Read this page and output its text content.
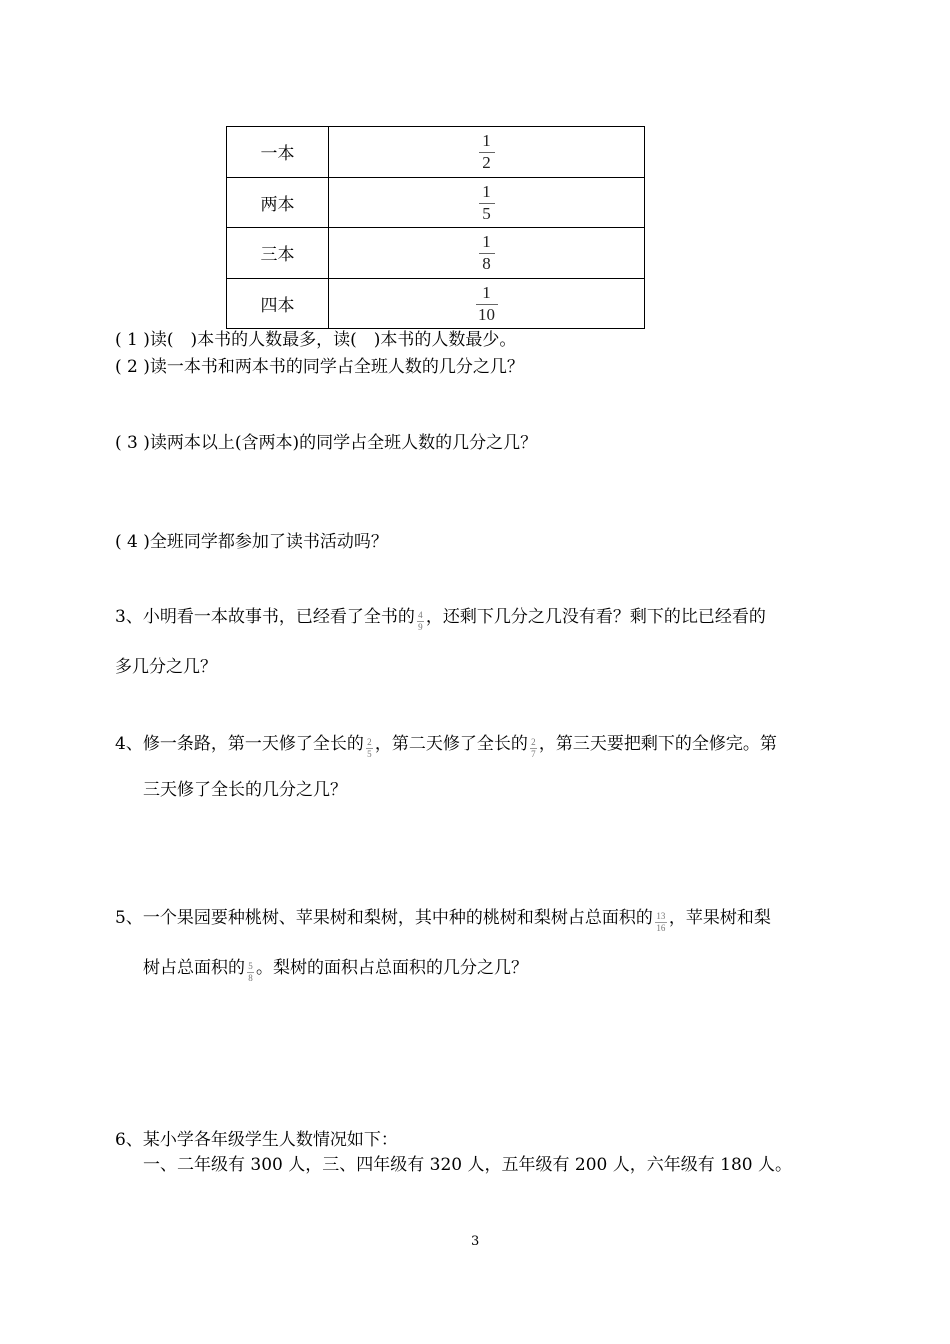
一本	$\frac{1}{2}$

两本	$\frac{1}{5}$

三本	$\frac{1}{8}$

四本	$\frac{1}{10}$
( 1 )读(　)本书的人数最多，读(　)本书的人数最少。
( 2 )读一本书和两本书的同学占全班人数的几分之几？
( 3 )读两本以上(含两本)的同学占全班人数的几分之几？
( 4 )全班同学都参加了读书活动吗？
3、小明看一本故事书，已经看了全书的 $\frac{4}{9}$ ，还剩下几分之几没有看？剩下的比已经看的
多几分之几？
4、修一条路，第一天修了全长的 $\frac{2}{5}$ ，第二天修了全长的 $\frac{2}{7}$ ，第三天要把剩下的全修完。第
三天修了全长的几分之几？
5、一个果园要种桃树、苹果树和梨树，其中种的桃树和梨树占总面积的 $\frac{13}{16}$ ，苹果树和梨
树占总面积的 $\frac{5}{8}$ 。梨树的面积占总面积的几分之几？
6、某小学各年级学生人数情况如下：
一、二年级有 300 人，三、四年级有 320 人，五年级有 200 人，六年级有 180 人。
3
